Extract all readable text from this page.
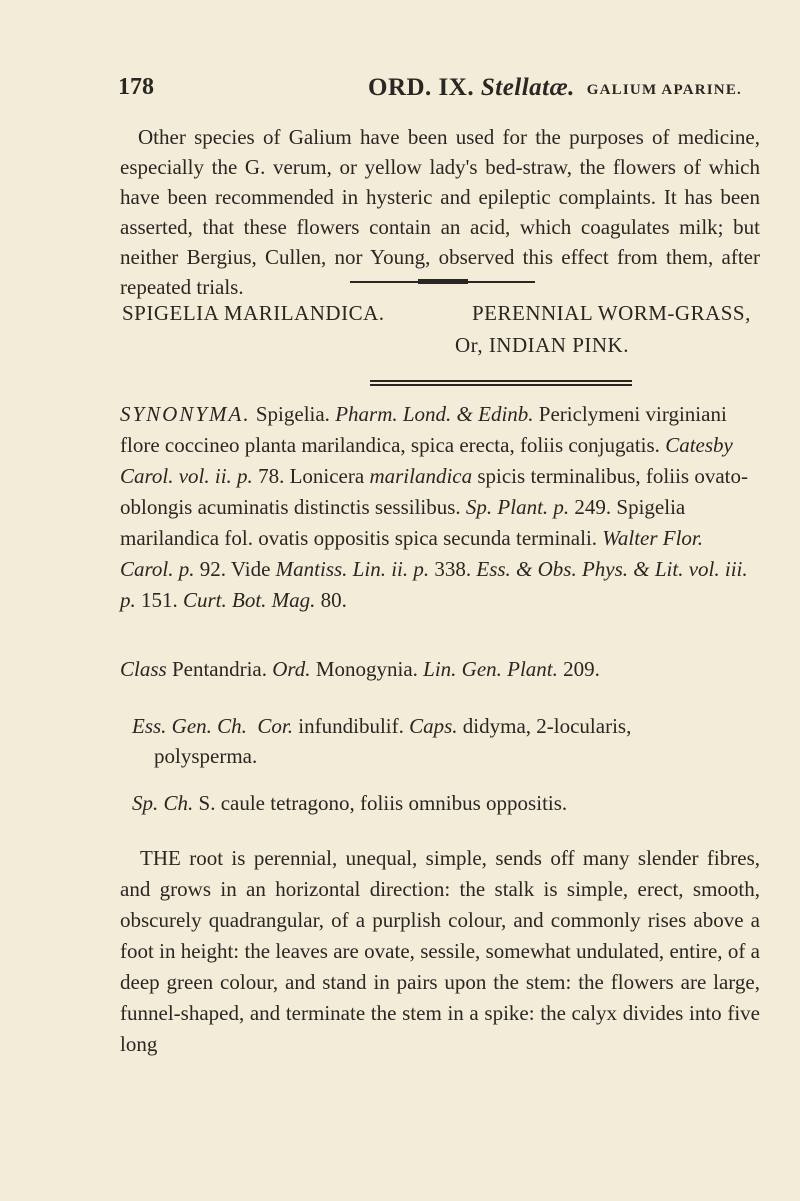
178	ORD. IX. Stellatæ. GALIUM APARINE.

Other species of Galium have been used for the purposes of medicine, especially the G. verum, or yellow lady's bed-straw, the flowers of which have been recommended in hysteric and epileptic complaints. It has been asserted, that these flowers contain an acid, which coagulates milk; but neither Bergius, Cullen, nor Young, observed this effect from them, after repeated trials.

SPIGELIA MARILANDICA.	PERENNIAL WORM-GRASS,
Or, INDIAN PINK.
SYNONYMA. Spigelia. Pharm. Lond. & Edinb. Periclymeni virginiani flore coccineo planta marilandica, spica erecta, foliis conjugatis. Catesby Carol. vol. ii. p. 78. Lonicera marilandica spicis terminalibus, foliis ovato-oblongis acuminatis distinctis sessilibus. Sp. Plant. p. 249. Spigelia marilandica fol. ovatis oppositis spica secunda terminali. Walter Flor. Carol. p. 92. Vide Mantiss. Lin. ii. p. 338. Ess. & Obs. Phys. & Lit. vol. iii. p. 151. Curt. Bot. Mag. 80.
Class Pentandria. Ord. Monogynia. Lin. Gen. Plant. 209.
Ess. Gen. Ch. Cor. infundibulif. Caps. didyma, 2-locularis,
polysperma.
Sp. Ch. S. caule tetragono, foliis omnibus oppositis.

THE root is perennial, unequal, simple, sends off many slender fibres, and grows in an horizontal direction: the stalk is simple, erect, smooth, obscurely quadrangular, of a purplish colour, and commonly rises above a foot in height: the leaves are ovate, sessile, somewhat undulated, entire, of a deep green colour, and stand in pairs upon the stem: the flowers are large, funnel-shaped, and terminate the stem in a spike: the calyx divides into five long
